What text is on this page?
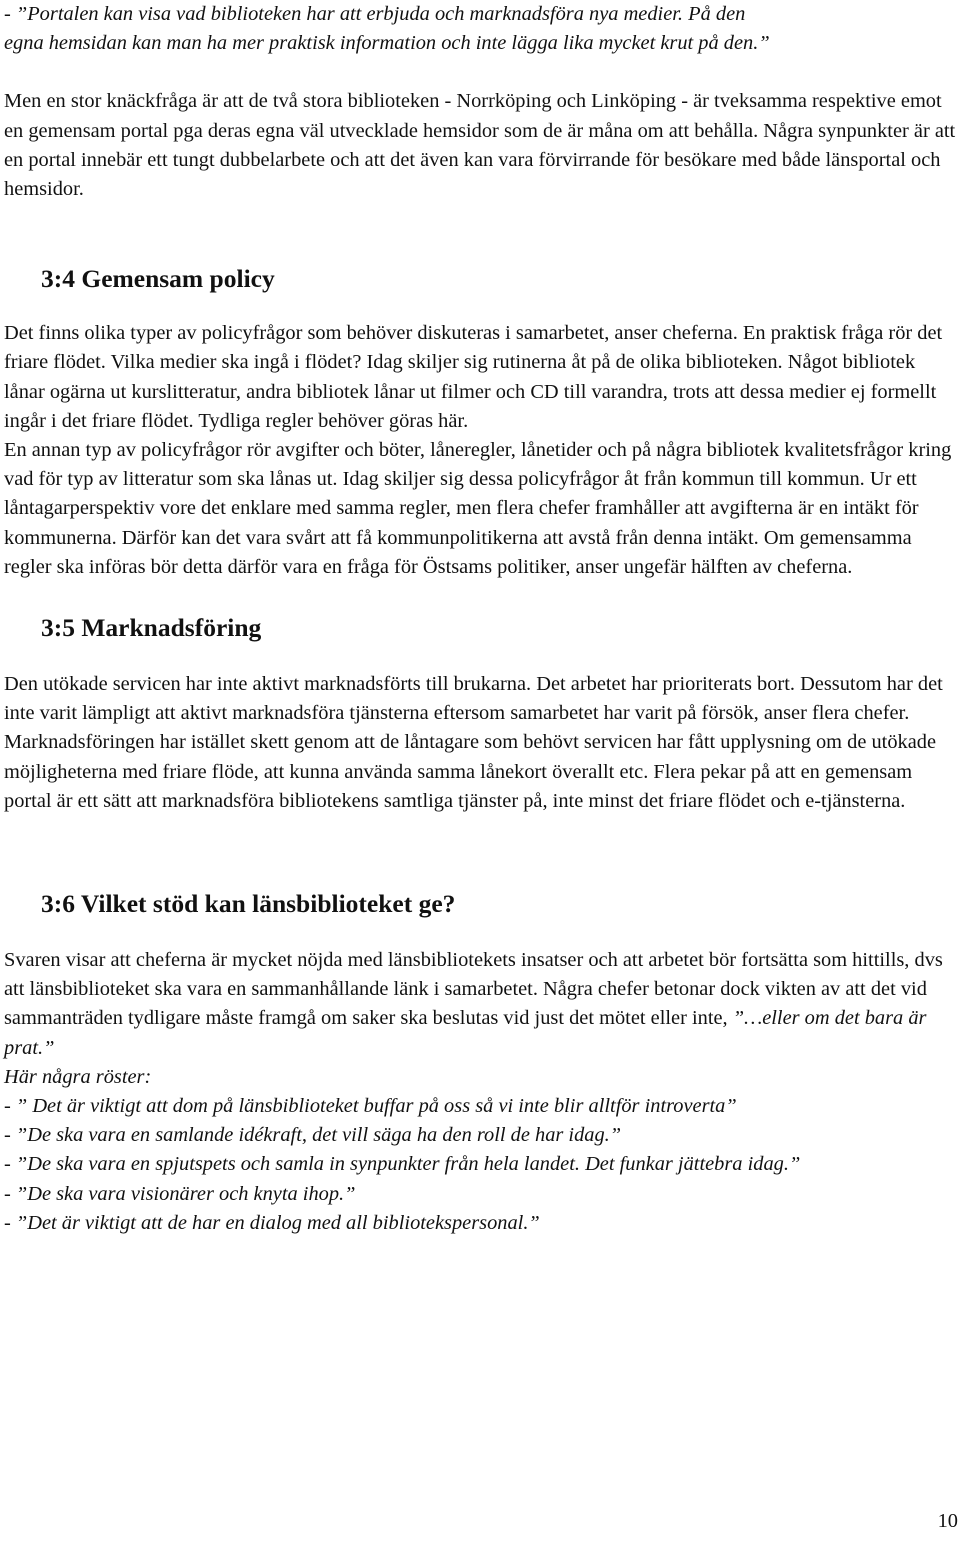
- ”Portalen kan visa vad biblioteken har att erbjuda och marknadsföra nya medier. På den

egna hemsidan kan man ha mer praktisk information och inte lägga lika mycket krut på den.”

Men en stor knäckfråga är att de två stora biblioteken - Norrköping och Linköping - är tveksamma respektive emot en gemensam portal pga deras egna väl utvecklade hemsidor som de är måna om att behålla. Några synpunkter är att en portal innebär ett tungt dubbelarbete och att det även kan vara förvirrande för besökare med både länsportal och hemsidor.

3:4 Gemensam policy

Det finns olika typer av policyfrågor som behöver diskuteras i samarbetet, anser cheferna. En praktisk fråga rör det friare flödet. Vilka medier ska ingå i flödet? Idag skiljer sig rutinerna åt på de olika biblioteken. Något bibliotek lånar ogärna ut kurslitteratur, andra bibliotek lånar ut filmer och CD till varandra, trots att dessa medier ej formellt ingår i det friare flödet. Tydliga regler behöver göras här.

En annan typ av policyfrågor rör avgifter och böter, låneregler, lånetider och på några bibliotek kvalitetsfrågor kring vad för typ av litteratur som ska lånas ut. Idag skiljer sig dessa policyfrågor åt från kommun till kommun. Ur ett låntagarperspektiv vore det enklare med samma regler, men flera chefer framhåller att avgifterna är en intäkt för kommunerna. Därför kan det vara svårt att få kommunpolitikerna att avstå från denna intäkt. Om gemensamma regler ska införas bör detta därför vara en fråga för Östsams politiker, anser ungefär hälften av cheferna.

3:5 Marknadsföring

Den utökade servicen har inte aktivt marknadsförts till brukarna. Det arbetet har prioriterats bort. Dessutom har det inte varit lämpligt att aktivt marknadsföra tjänsterna eftersom samarbetet har varit på försök, anser flera chefer. Marknadsföringen har istället skett genom att de låntagare som behövt servicen har fått upplysning om de utökade möjligheterna med friare flöde, att kunna använda samma lånekort överallt etc. Flera pekar på att en gemensam portal är ett sätt att marknadsföra bibliotekens samtliga tjänster på, inte minst det friare flödet och e-tjänsterna.

3:6 Vilket stöd kan länsbiblioteket ge?

Svaren visar att cheferna är mycket nöjda med länsbibliotekets insatser och att arbetet bör fortsätta som hittills, dvs att länsbiblioteket ska vara en sammanhållande länk i samarbetet. Några chefer betonar dock vikten av att det vid sammanträden tydligare måste framgå om saker ska beslutas vid just det mötet eller inte, ”…eller om det bara är prat.”

Här några röster:

- ” Det är viktigt att dom på länsbiblioteket buffar på oss så vi inte blir alltför introverta”

- ”De ska vara en samlande idékraft, det vill säga ha den roll de har idag.”

- ”De ska vara en spjutspets och samla in synpunkter från hela landet. Det funkar jättebra idag.”

- ”De ska vara visionärer och knyta ihop.”

- ”Det är viktigt att de har en dialog med all bibliotekspersonal.”

10
